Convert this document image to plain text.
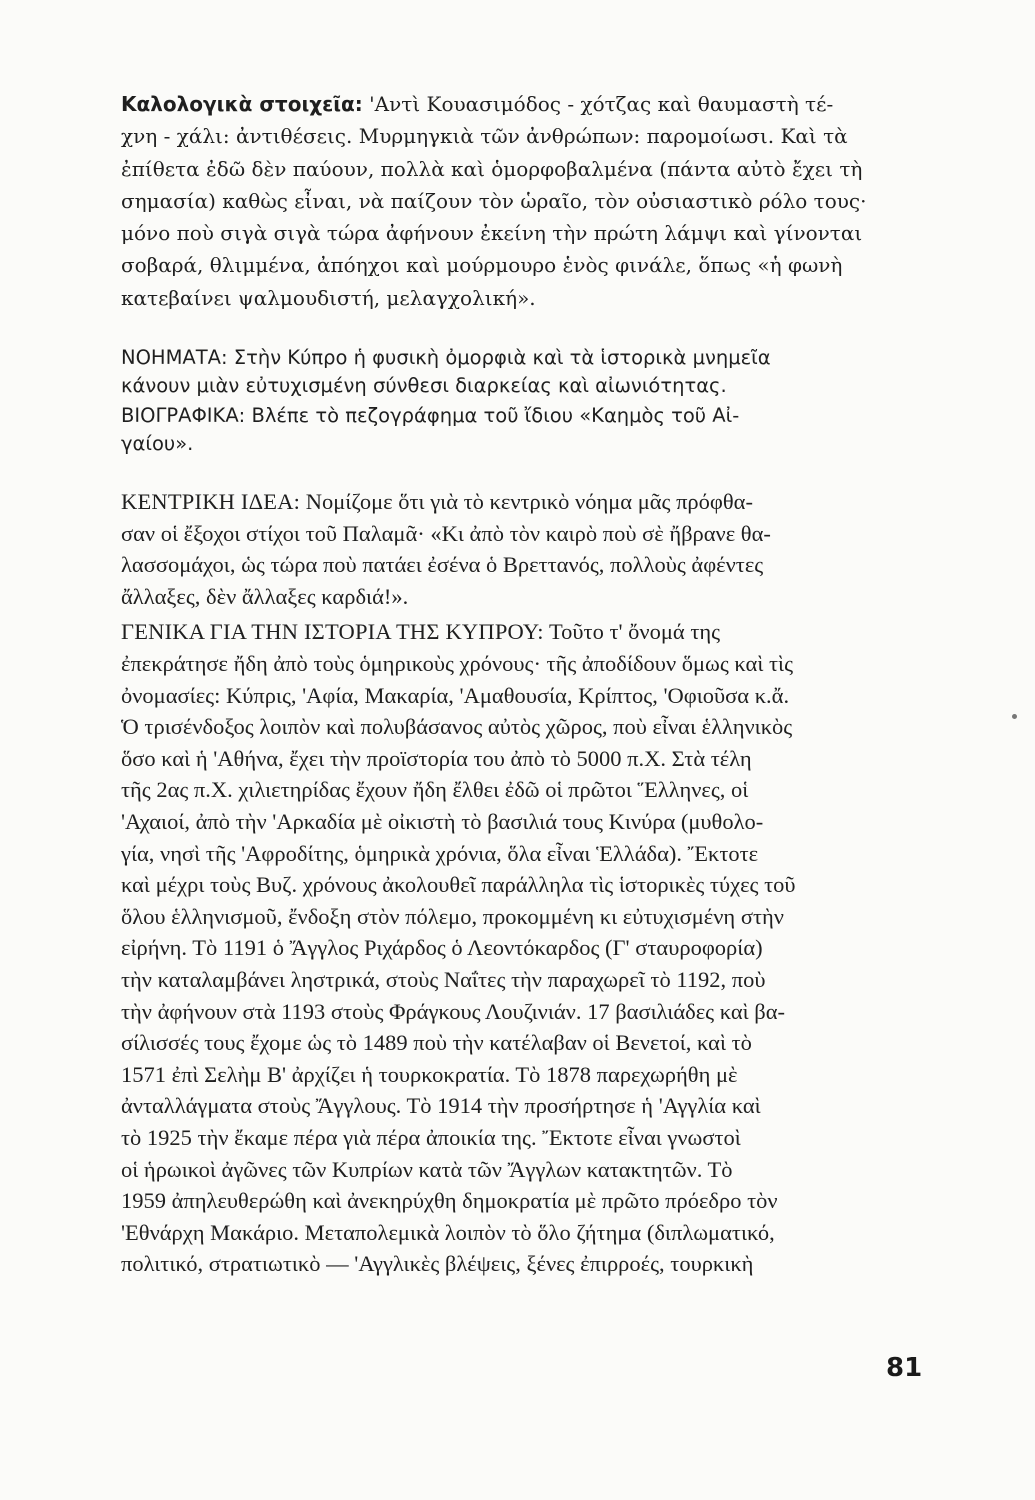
Καλολογικὰ στοιχεῖα: 'Αντὶ Κουασιμόδος - χότζας καὶ θαυμαστὴ τέ-
χνη - χάλι: ἀντιθέσεις. Μυρμηγκιὰ τῶν ἀνθρώπων: παρομοίωσι. Καὶ τὰ
ἐπίθετα ἐδῶ δὲν παύουν, πολλὰ καὶ ὁμορφοβαλμένα (πάντα αὐτὸ ἔχει τὴ
σημασία) καθὼς εἶναι, νὰ παίζουν τὸν ὡραῖο, τὸν οὐσιαστικὸ ρόλο τους·
μόνο ποὺ σιγὰ σιγὰ τώρα ἀφήνουν ἐκείνη τὴν πρώτη λάμψι καὶ γίνονται
σοβαρά, θλιμμένα, ἀπόηχοι καὶ μούρμουρο ἑνὸς φινάλε, ὅπως «ἡ φωνὴ
κατεβαίνει ψαλμουδιστή, μελαγχολική».

ΝΟΗΜΑΤΑ: Στὴν Κύπρο ἡ φυσικὴ ὀμορφιὰ καὶ τὰ ἱστορικὰ μνημεῖα
κάνουν μιὰν εὐτυχισμένη σύνθεσι διαρκείας καὶ αἰωνιότητας.

ΒΙΟΓΡΑΦΙΚΑ: Βλέπε τὸ πεζογράφημα τοῦ ἴδιου «Καημὸς τοῦ Αἰ-
γαίου».

ΚΕΝΤΡΙΚΗ ΙΔΕΑ: Νομίζομε ὅτι γιὰ τὸ κεντρικὸ νόημα μᾶς πρόφθα-
σαν οἱ ἔξοχοι στίχοι τοῦ Παλαμᾶ· «Κι ἀπὸ τὸν καιρὸ ποὺ σὲ ἤβρανε θα-
λασσομάχοι, ὡς τώρα ποὺ πατάει ἐσένα ὁ Βρεττανός, πολλοὺς ἀφέντες
ἄλλαξες, δὲν ἄλλαξες καρδιά!».

ΓΕΝΙΚΑ ΓΙΑ ΤΗΝ ΙΣΤΟΡΙΑ ΤΗΣ ΚΥΠΡΟΥ: Τοῦτο τ' ὄνομά της
ἐπεκράτησε ἤδη ἀπὸ τοὺς ὁμηρικοὺς χρόνους· τῆς ἀποδίδουν ὅμως καὶ τὶς
ὀνομασίες: Κύπρις, 'Αφία, Μακαρία, 'Αμαθουσία, Κρίπτος, 'Οφιοῦσα κ.ἄ.
Ὁ τρισένδοξος λοιπὸν καὶ πολυβάσανος αὐτὸς χῶρος, ποὺ εἶναι ἑλληνικὸς
ὅσο καὶ ἡ 'Αθήνα, ἔχει τὴν προϊστορία του ἀπὸ τὸ 5000 π.Χ. Στὰ τέλη
τῆς 2ας π.Χ. χιλιετηρίδας ἔχουν ἤδη ἔλθει ἐδῶ οἱ πρῶτοι Ἕλληνες, οἱ
'Αχαιοί, ἀπὸ τὴν 'Αρκαδία μὲ οἰκιστὴ τὸ βασιλιά τους Κινύρα (μυθολο-
γία, νησὶ τῆς 'Αφροδίτης, ὁμηρικὰ χρόνια, ὅλα εἶναι Ἑλλάδα). Ἔκτοτε
καὶ μέχρι τοὺς Βυζ. χρόνους ἀκολουθεῖ παράλληλα τὶς ἱστορικὲς τύχες τοῦ
ὅλου ἑλληνισμοῦ, ἔνδοξη στὸν πόλεμο, προκομμένη κι εὐτυχισμένη στὴν
εἰρήνη. Τὸ 1191 ὁ Ἄγγλος Ριχάρδος ὁ Λεοντόκαρδος (Γ' σταυροφορία)
τὴν καταλαμβάνει ληστρικά, στοὺς Ναΐτες τὴν παραχωρεῖ τὸ 1192, ποὺ
τὴν ἀφήνουν στὰ 1193 στοὺς Φράγκους Λουζινιάν. 17 βασιλιάδες καὶ βα-
σίλισσές τους ἔχομε ὡς τὸ 1489 ποὺ τὴν κατέλαβαν οἱ Βενετοί, καὶ τὸ
1571 ἐπὶ Σελὴμ Β' ἀρχίζει ἡ τουρκοκρατία. Τὸ 1878 παρεχωρήθη μὲ
ἀνταλλάγματα στοὺς Ἄγγλους. Τὸ 1914 τὴν προσήρτησε ἡ 'Αγγλία καὶ
τὸ 1925 τὴν ἔκαμε πέρα γιὰ πέρα ἀποικία της. Ἔκτοτε εἶναι γνωστοὶ
οἱ ἡρωικοὶ ἀγῶνες τῶν Κυπρίων κατὰ τῶν Ἄγγλων κατακτητῶν. Τὸ
1959 ἀπηλευθερώθη καὶ ἀνεκηρύχθη δημοκρατία μὲ πρῶτο πρόεδρο τὸν
'Εθνάρχη Μακάριο. Μεταπολεμικὰ λοιπὸν τὸ ὅλο ζήτημα (διπλωματικό,
πολιτικό, στρατιωτικὸ — 'Αγγλικὲς βλέψεις, ξένες ἐπιρροές, τουρκικὴ

81
